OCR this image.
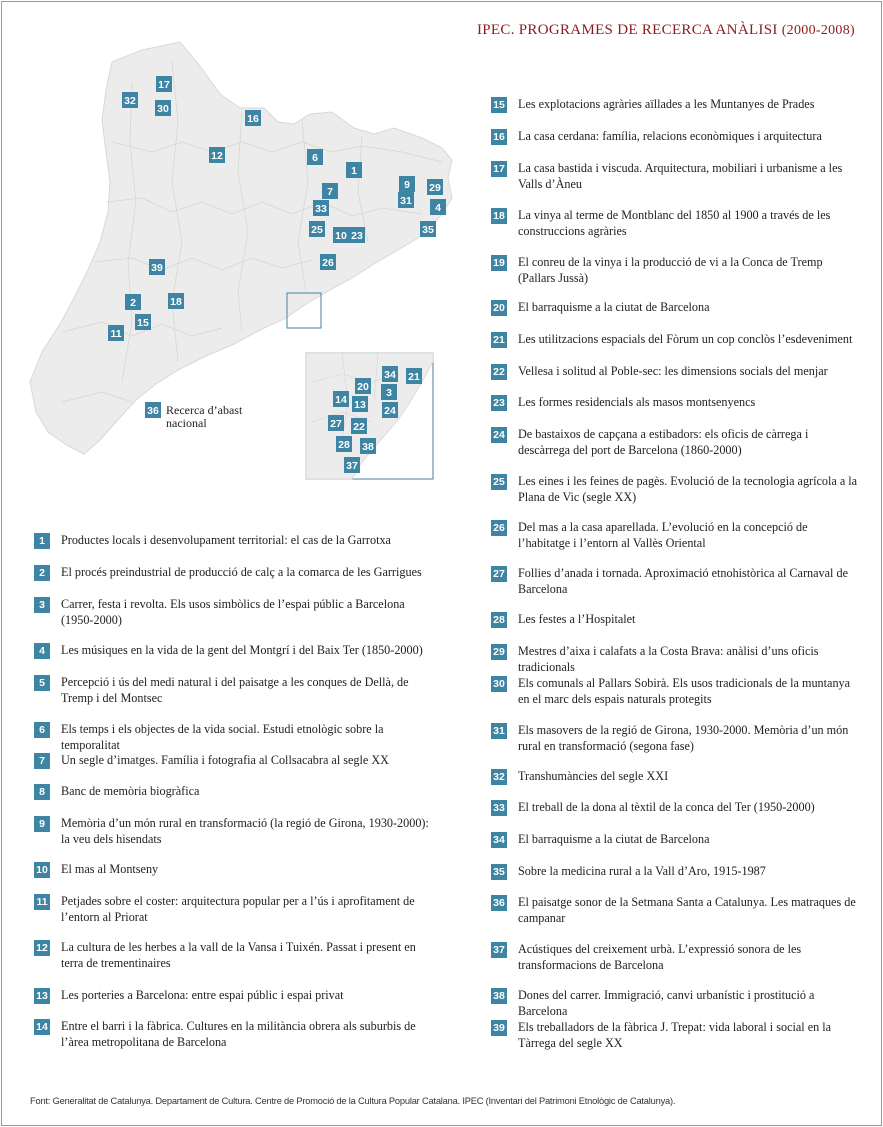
IPEC. PROGRAMES DE RECERCA ANÀLISI (2000-2008)
17
32
30
16
12	6
1
7
9 29
31
4
33
25 10 23	35
26
39
2	18
15
11
34 21
20 3
14 13 24
27 22
28 38
37
36 Recerca d’abast
nacional
1	Productes locals i desenvolupament territorial: el cas de la Garrotxa
2	El procés preindustrial de producció de calç a la comarca de les Garrigues
3	Carrer, festa i revolta. Els usos simbòlics de l’espai públic a Barcelona (1950-2000)
4	Les músiques en la vida de la gent del Montgrí i del Baix Ter (1850-2000)
5	Percepció i ús del medi natural i del paisatge a les conques de Dellà, de Tremp i del Montsec
6	Els temps i els objectes de la vida social. Estudi etnològic sobre la temporalitat
7	Un segle d’imatges. Família i fotografia al Collsacabra al segle XX
8	Banc de memòria biogràfica
9	Memòria d’un món rural en transformació (la regió de Girona, 1930-2000): la veu dels hisendats
10 El mas al Montseny
11 Petjades sobre el coster: arquitectura popular per a l’ús i aprofitament de l’entorn al Priorat
12 La cultura de les herbes a la vall de la Vansa i Tuixén. Passat i present en terra de trementinaires
13 Les porteries a Barcelona: entre espai públic i espai privat
14 Entre el barri i la fàbrica. Cultures en la militància obrera als suburbis de l’àrea metropolitana de Barcelona
15 Les explotacions agràries aïllades a les Muntanyes de Prades
16 La casa cerdana: família, relacions econòmiques i arquitectura
17 La casa bastida i viscuda. Arquitectura, mobiliari i urbanisme a les Valls d’Àneu
18 La vinya al terme de Montblanc del 1850 al 1900 a través de les construccions agràries
19 El conreu de la vinya i la producció de vi a la Conca de Tremp (Pallars Jussà)
20 El barraquisme a la ciutat de Barcelona
21 Les utilitzacions espacials del Fòrum un cop conclòs l’esdeveniment
22 Vellesa i solitud al Poble-sec: les dimensions socials del menjar
23 Les formes residencials als masos montsenyencs
24 De bastaixos de capçana a estibadors: els oficis de càrrega i descàrrega del port de Barcelona (1860-2000)
25 Les eines i les feines de pagès. Evolució de la tecnologia agrícola a la Plana de Vic (segle XX)
26 Del mas a la casa aparellada. L’evolució en la concepció de l’habitatge i l’entorn al Vallès Oriental
27 Follies d’anada i tornada. Aproximació etnohistòrica al Carnaval de Barcelona
28 Les festes a l’Hospitalet
29 Mestres d’aixa i calafats a la Costa Brava: anàlisi d’uns oficis tradicionals
30 Els comunals al Pallars Sobirà. Els usos tradicionals de la muntanya en el marc dels espais naturals protegits
31 Els masovers de la regió de Girona, 1930-2000. Memòria d’un món rural en transformació (segona fase)
32 Transhumàncies del segle XXI
33 El treball de la dona al tèxtil de la conca del Ter (1950-2000)
34 El barraquisme a la ciutat de Barcelona
35 Sobre la medicina rural a la Vall d’Aro, 1915-1987
36 El paisatge sonor de la Setmana Santa a Catalunya. Les matraques de campanar
37 Acústiques del creixement urbà. L’expressió sonora de les transformacions de Barcelona
38 Dones del carrer. Immigració, canvi urbanístic i prostitució a Barcelona
39 Els treballadors de la fàbrica J. Trepat: vida laboral i social en la Tàrrega del segle XX
Font: Generalitat de Catalunya. Departament de Cultura. Centre de Promoció de la Cultura Popular Catalana. IPEC (Inventari del Patrimoni Etnològic de Catalunya).
